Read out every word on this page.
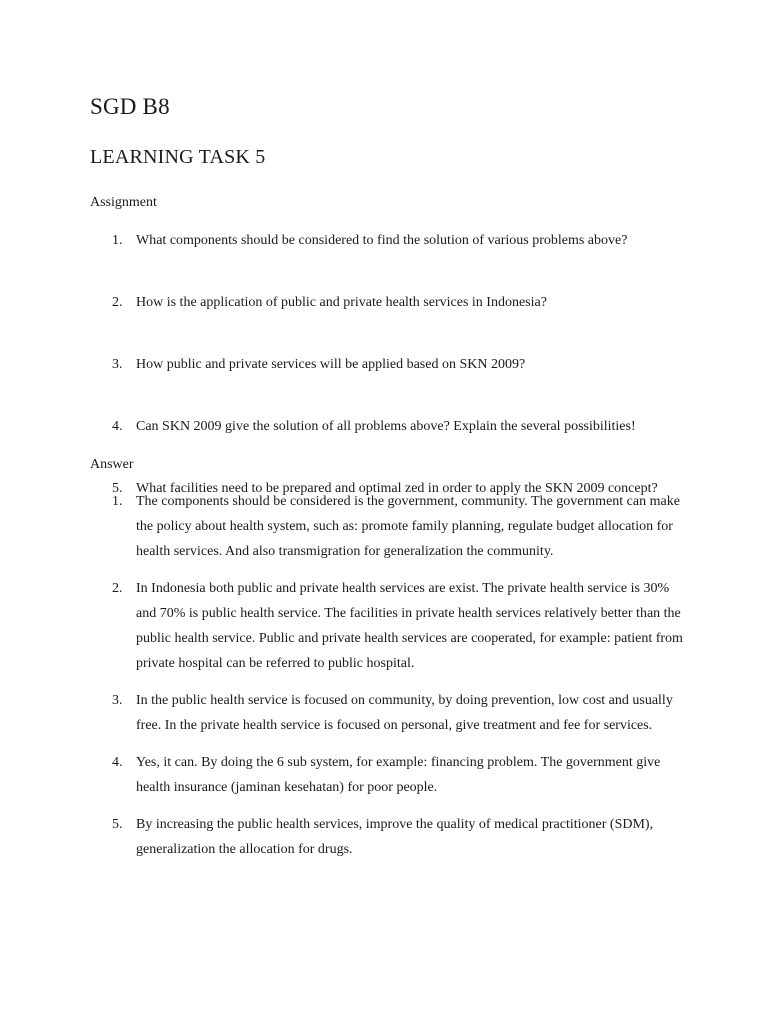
SGD B8
LEARNING TASK 5
Assignment
1. What components should be considered to find the solution of various problems above?
2. How is the application of public and private health services in Indonesia?
3. How public and private services will be applied based on SKN 2009?
4. Can SKN 2009 give the solution of all problems above? Explain the several possibilities!
5. What facilities need to be prepared and optimal zed in order to apply the SKN 2009 concept?
Answer
1. The components should be considered is the government, community. The government can make
the policy about health system, such as: promote family planning, regulate budget allocation for
health services. And also transmigration for generalization the community.
2. In Indonesia both public and private health services are exist. The private health service is 30%
and 70% is public health service. The facilities in private health services relatively better than the
public health service. Public and private health services are cooperated, for example: patient from
private hospital can be referred to public hospital.
3. In the public health service is focused on community, by doing prevention, low cost and usually
free. In the private health service is focused on personal, give treatment and fee for services.
4. Yes, it can. By doing the 6 sub system, for example: financing problem. The government give
health insurance (jaminan kesehatan) for poor people.
5. By increasing the public health services, improve the quality of medical practitioner (SDM),
generalization the allocation for drugs.
